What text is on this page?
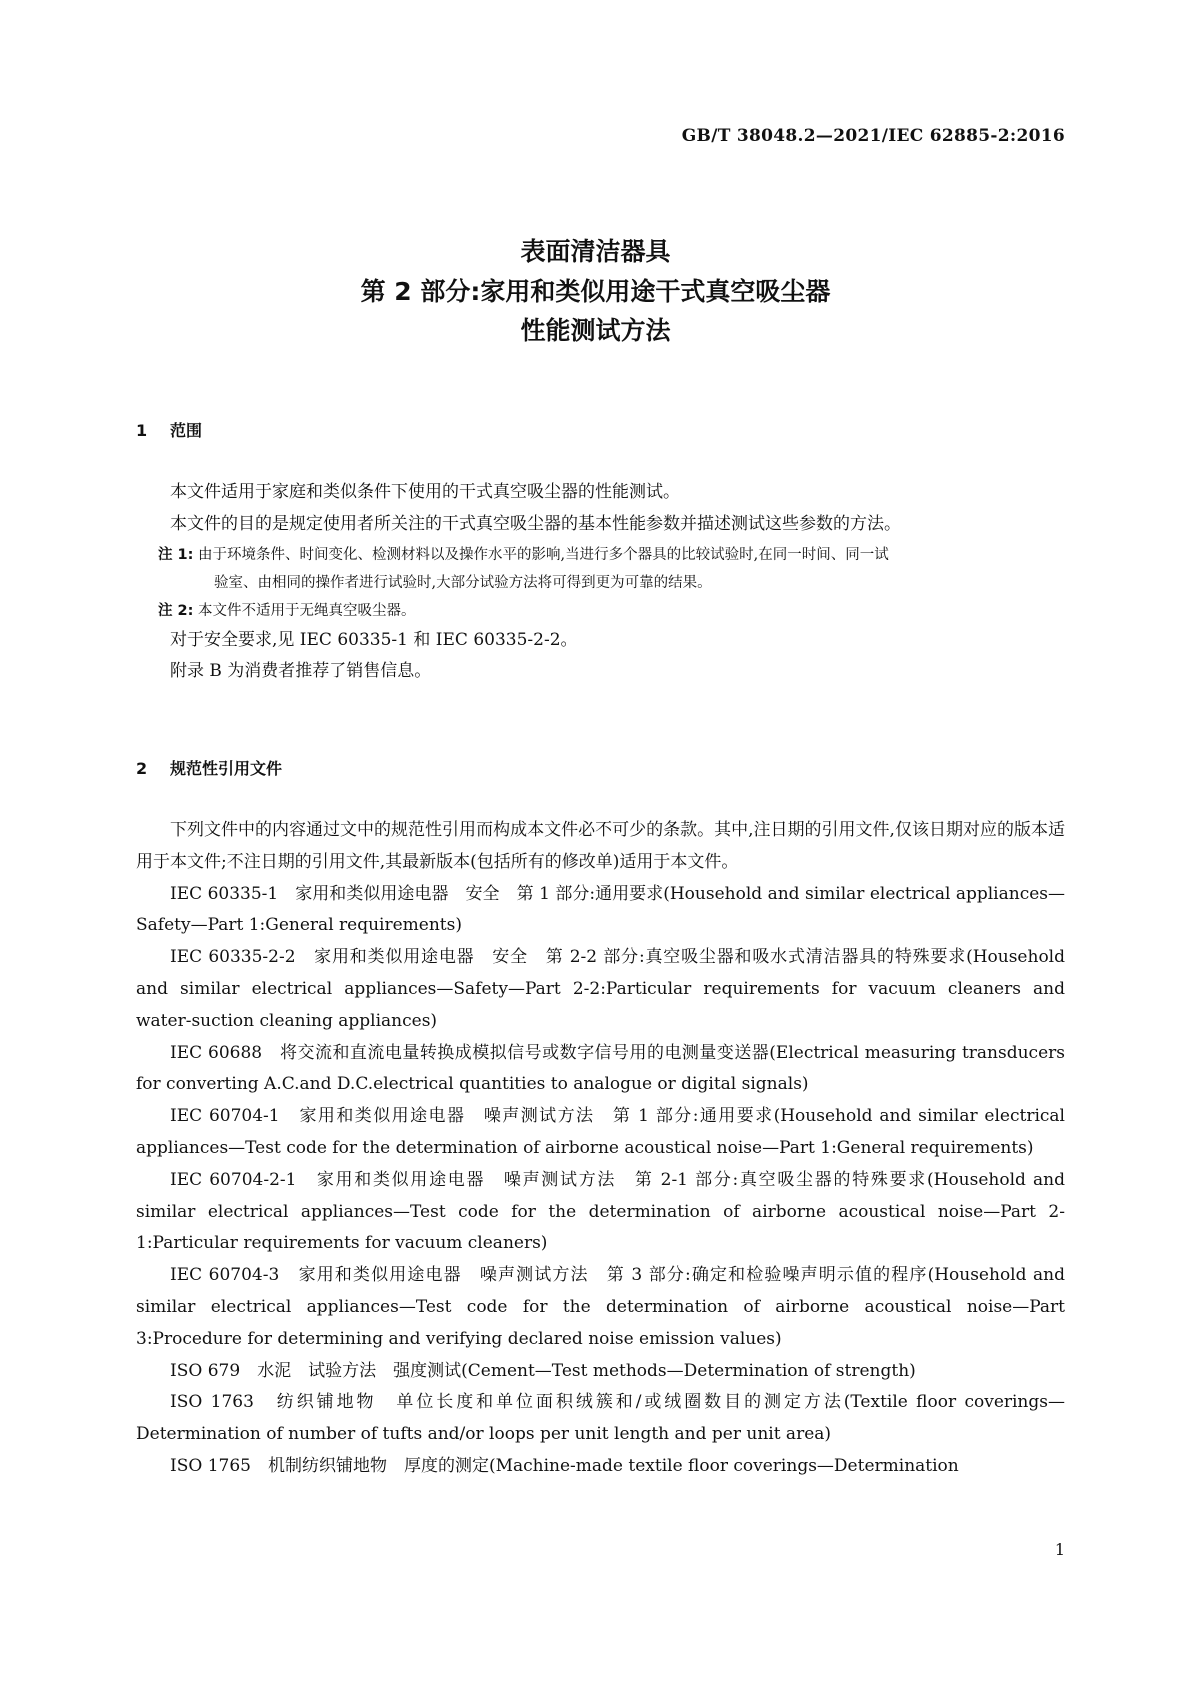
GB/T 38048.2—2021/IEC 62885-2:2016
表面清洁器具
第 2 部分:家用和类似用途干式真空吸尘器
性能测试方法
1 范围

本文件适用于家庭和类似条件下使用的干式真空吸尘器的性能测试。

本文件的目的是规定使用者所关注的干式真空吸尘器的基本性能参数并描述测试这些参数的方法。

注 1: 由于环境条件、时间变化、检测材料以及操作水平的影响,当进行多个器具的比较试验时,在同一时间、同一试
验室、由相同的操作者进行试验时,大部分试验方法将可得到更为可靠的结果。

注 2: 本文件不适用于无绳真空吸尘器。

对于安全要求,见 IEC 60335-1 和 IEC 60335-2-2。

附录 B 为消费者推荐了销售信息。

2 规范性引用文件

下列文件中的内容通过文中的规范性引用而构成本文件必不可少的条款。其中,注日期的引用文件,仅该日期对应的版本适用于本文件;不注日期的引用文件,其最新版本(包括所有的修改单)适用于本文件。

IEC 60335-1　家用和类似用途电器　安全　第 1 部分:通用要求(Household and similar electrical appliances—Safety—Part 1:General requirements)

IEC 60335-2-2　家用和类似用途电器　安全　第 2-2 部分:真空吸尘器和吸水式清洁器具的特殊要求(Household and similar electrical appliances—Safety—Part 2-2:Particular requirements for vacuum cleaners and water-suction cleaning appliances)

IEC 60688　将交流和直流电量转换成模拟信号或数字信号用的电测量变送器(Electrical measuring transducers for converting A.C.and D.C.electrical quantities to analogue or digital signals)

IEC 60704-1　家用和类似用途电器　噪声测试方法　第 1 部分:通用要求(Household and similar electrical appliances—Test code for the determination of airborne acoustical noise—Part 1:General requirements)

IEC 60704-2-1　家用和类似用途电器　噪声测试方法　第 2-1 部分:真空吸尘器的特殊要求(Household and similar electrical appliances—Test code for the determination of airborne acoustical noise—Part 2-1:Particular requirements for vacuum cleaners)

IEC 60704-3　家用和类似用途电器　噪声测试方法　第 3 部分:确定和检验噪声明示值的程序(Household and similar electrical appliances—Test code for the determination of airborne acoustical noise—Part 3:Procedure for determining and verifying declared noise emission values)

ISO 679　水泥　试验方法　强度测试(Cement—Test methods—Determination of strength)

ISO 1763　纺织铺地物　单位长度和单位面积绒簇和/或绒圈数目的测定方法(Textile floor coverings—Determination of number of tufts and/or loops per unit length and per unit area)

ISO 1765　机制纺织铺地物　厚度的测定(Machine-made textile floor coverings—Determination

1
